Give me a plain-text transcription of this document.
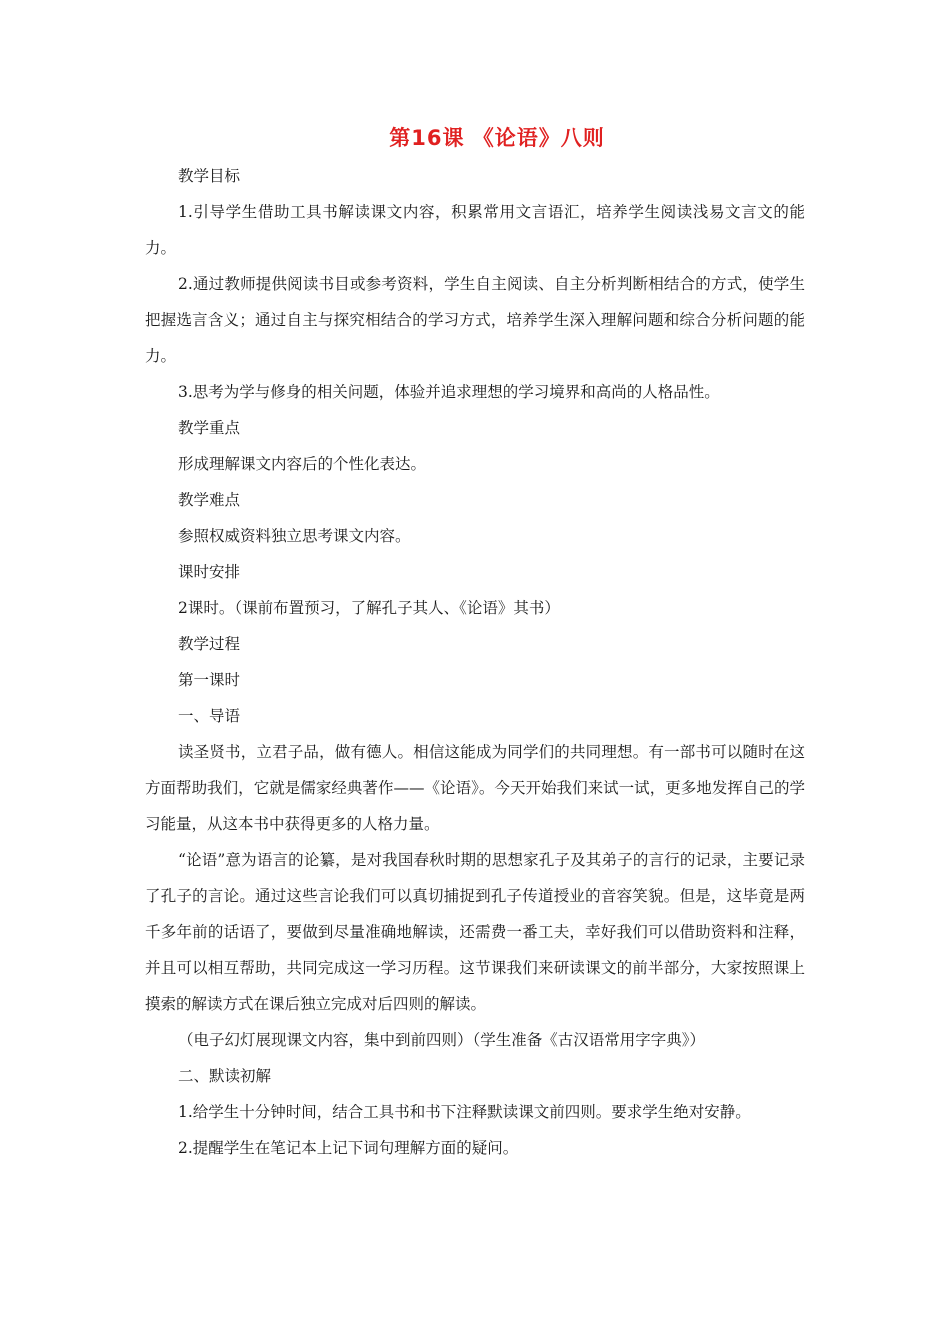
第16课 《论语》八则

教学目标

1.引导学生借助工具书解读课文内容，积累常用文言语汇，培养学生阅读浅易文言文的能力。

2.通过教师提供阅读书目或参考资料，学生自主阅读、自主分析判断相结合的方式，使学生把握选言含义；通过自主与探究相结合的学习方式，培养学生深入理解问题和综合分析问题的能力。

3.思考为学与修身的相关问题，体验并追求理想的学习境界和高尚的人格品性。

教学重点

形成理解课文内容后的个性化表达。

教学难点

参照权威资料独立思考课文内容。

课时安排

2课时。（课前布置预习，了解孔子其人、《论语》其书）

教学过程

第一课时

一、导语

读圣贤书，立君子品，做有德人。相信这能成为同学们的共同理想。有一部书可以随时在这方面帮助我们，它就是儒家经典著作——《论语》。今天开始我们来试一试，更多地发挥自己的学习能量，从这本书中获得更多的人格力量。

“论语”意为语言的论纂，是对我国春秋时期的思想家孔子及其弟子的言行的记录，主要记录了孔子的言论。通过这些言论我们可以真切捕捉到孔子传道授业的音容笑貌。但是，这毕竟是两千多年前的话语了，要做到尽量准确地解读，还需费一番工夫，幸好我们可以借助资料和注释，并且可以相互帮助，共同完成这一学习历程。这节课我们来研读课文的前半部分，大家按照课上摸索的解读方式在课后独立完成对后四则的解读。

（电子幻灯展现课文内容，集中到前四则）（学生准备《古汉语常用字字典》）

二、默读初解

1.给学生十分钟时间，结合工具书和书下注释默读课文前四则。要求学生绝对安静。

2.提醒学生在笔记本上记下词句理解方面的疑问。
